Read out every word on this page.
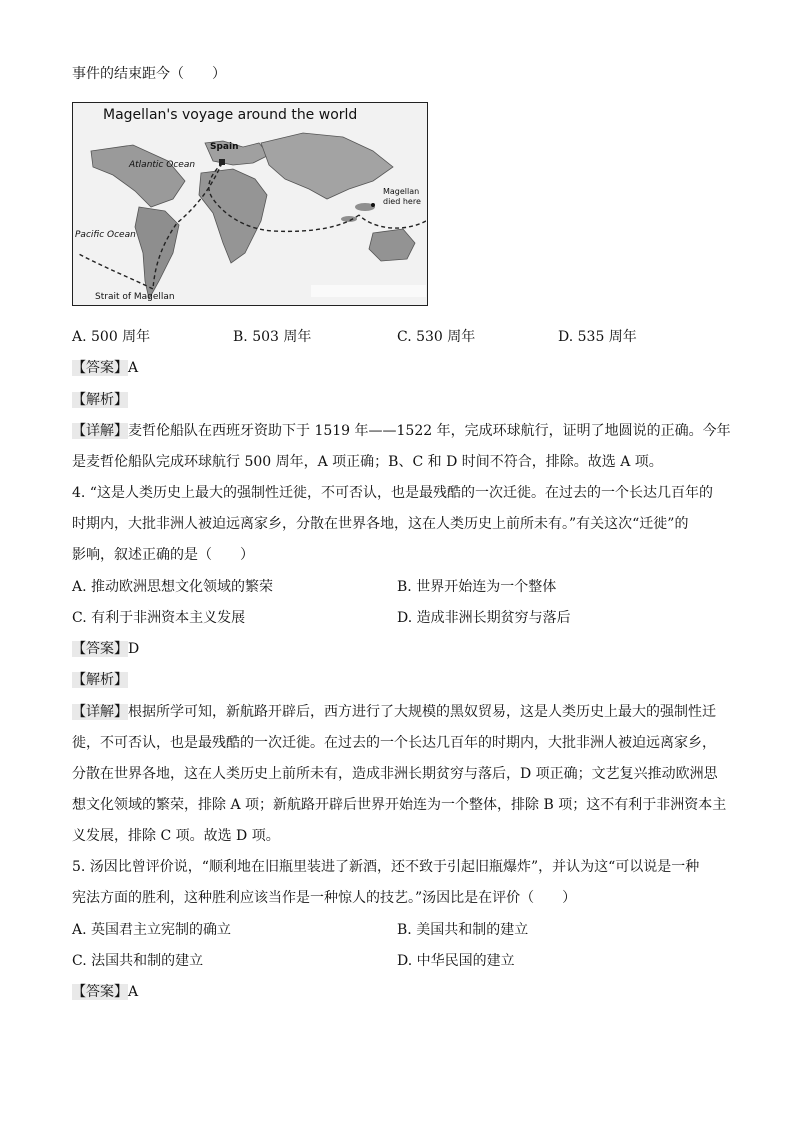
事件的结束距今（　　）
Magellan's voyage around the world
Atlantic Ocean
Spain
Pacific Ocean
Magellan
died here
Strait of Magellan
A. 500 周年	B. 503 周年	C. 530 周年	D. 535 周年
【答案】A
【解析】
【详解】麦哲伦船队在西班牙资助下于 1519 年——1522 年，完成环球航行，证明了地圆说的正确。今年
是麦哲伦船队完成环球航行 500 周年，A 项正确；B、C 和 D 时间不符合，排除。故选 A 项。
4. “这是人类历史上最大的强制性迁徙，不可否认，也是最残酷的一次迁徙。在过去的一个长达几百年的
时期内，大批非洲人被迫远离家乡，分散在世界各地，这在人类历史上前所未有。”有关这次“迁徙”的
影响，叙述正确的是（　　）
A. 推动欧洲思想文化领域的繁荣	B. 世界开始连为一个整体
C. 有利于非洲资本主义发展	D. 造成非洲长期贫穷与落后
【答案】D
【解析】
【详解】根据所学可知，新航路开辟后，西方进行了大规模的黑奴贸易，这是人类历史上最大的强制性迁
徙，不可否认，也是最残酷的一次迁徙。在过去的一个长达几百年的时期内，大批非洲人被迫远离家乡，
分散在世界各地，这在人类历史上前所未有，造成非洲长期贫穷与落后，D 项正确；文艺复兴推动欧洲思
想文化领域的繁荣，排除 A 项；新航路开辟后世界开始连为一个整体，排除 B 项；这不有利于非洲资本主
义发展，排除 C 项。故选 D 项。
5. 汤因比曾评价说，“顺利地在旧瓶里装进了新酒，还不致于引起旧瓶爆炸”，并认为这“可以说是一种
宪法方面的胜利，这种胜利应该当作是一种惊人的技艺。”汤因比是在评价（　　）
A. 英国君主立宪制的确立	B. 美国共和制的建立
C. 法国共和制的建立	D. 中华民国的建立
【答案】A
